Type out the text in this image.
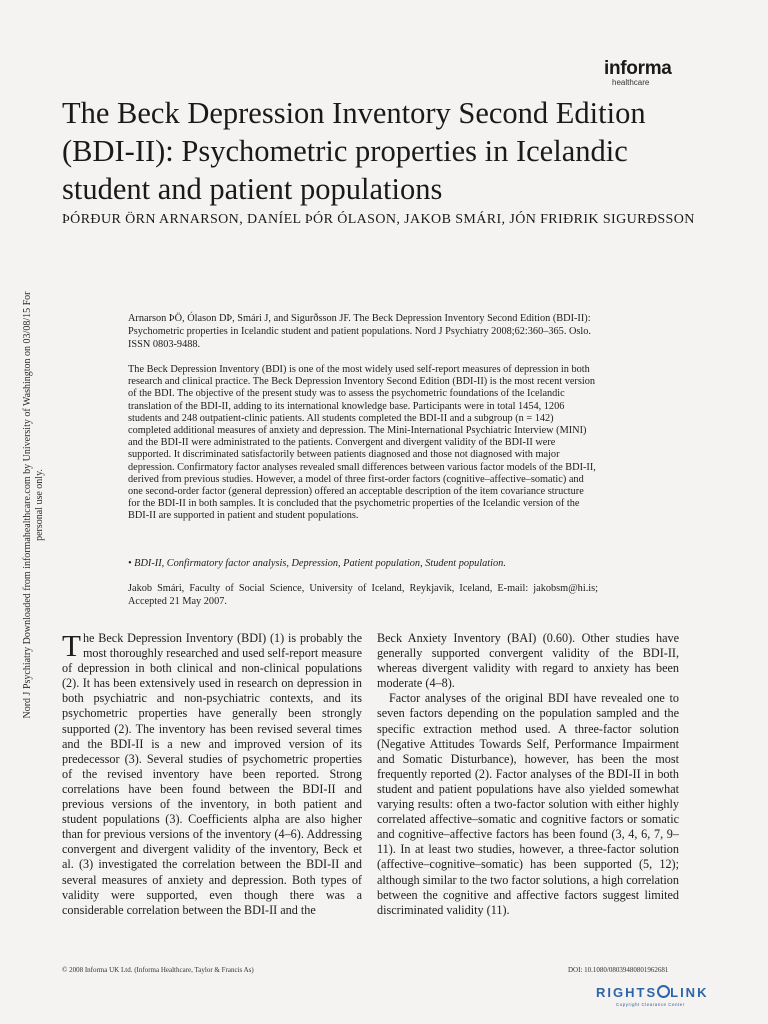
informa
healthcare
Nord J Psychiatry Downloaded from informahealthcare.com by University of Washington on 03/08/15 For personal use only.
The Beck Depression Inventory Second Edition (BDI-II): Psychometric properties in Icelandic student and patient populations
ÞÓRÐUR ÖRN ARNARSON, DANÍEL ÞÓR ÓLASON, JAKOB SMÁRI, JÓN FRIÐRIK SIGURÐSSON

Arnarson ÞÖ, Ólason DÞ, Smári J, and Sigurðsson JF. The Beck Depression Inventory Second Edition (BDI-II): Psychometric properties in Icelandic student and patient populations. Nord J Psychiatry 2008;62:360–365. Oslo. ISSN 0803-9488.

The Beck Depression Inventory (BDI) is one of the most widely used self-report measures of depression in both research and clinical practice. The Beck Depression Inventory Second Edition (BDI-II) is the most recent version of the BDI. The objective of the present study was to assess the psychometric foundations of the Icelandic translation of the BDI-II, adding to its international knowledge base. Participants were in total 1454, 1206 students and 248 outpatient-clinic patients. All students completed the BDI-II and a subgroup (n = 142) completed additional measures of anxiety and depression. The Mini-International Psychiatric Interview (MINI) and the BDI-II were administrated to the patients. Convergent and divergent validity of the BDI-II were supported. It discriminated satisfactorily between patients diagnosed and those not diagnosed with major depression. Confirmatory factor analyses revealed small differences between various factor models of the BDI-II, derived from previous studies. However, a model of three first-order factors (cognitive–affective–somatic) and one second-order factor (general depression) offered an acceptable description of the item covariance structure for the BDI-II in both samples. It is concluded that the psychometric properties of the Icelandic version of the BDI-II are supported in patient and student populations.

• BDI-II, Confirmatory factor analysis, Depression, Patient population, Student population.

Jakob Smári, Faculty of Social Science, University of Iceland, Reykjavik, Iceland, E-mail: jakobsm@hi.is; Accepted 21 May 2007.

The Beck Depression Inventory (BDI) (1) is probably the most thoroughly researched and used self-report measure of depression in both clinical and non-clinical populations (2). It has been extensively used in research on depression in both psychiatric and non-psychiatric contexts, and its psychometric properties have generally been strongly supported (2). The inventory has been revised several times and the BDI-II is a new and improved version of its predecessor (3). Several studies of psychometric properties of the revised inventory have been reported. Strong correlations have been found between the BDI-II and previous versions of the inventory, in both patient and student populations (3). Coefficients alpha are also higher than for previous versions of the inventory (4–6). Addressing convergent and divergent validity of the inventory, Beck et al. (3) investigated the correlation between the BDI-II and several measures of anxiety and depression. Both types of validity were supported, even though there was a considerable correlation between the BDI-II and the

Beck Anxiety Inventory (BAI) (0.60). Other studies have generally supported convergent validity of the BDI-II, whereas divergent validity with regard to anxiety has been moderate (4–8).

Factor analyses of the original BDI have revealed one to seven factors depending on the population sampled and the specific extraction method used. A three-factor solution (Negative Attitudes Towards Self, Performance Impairment and Somatic Disturbance), however, has been the most frequently reported (2). Factor analyses of the BDI-II in both student and patient populations have also yielded somewhat varying results: often a two-factor solution with either highly correlated affective–somatic and cognitive factors or somatic and cognitive–affective factors has been found (3, 4, 6, 7, 9–11). In at least two studies, however, a three-factor solution (affective–cognitive–somatic) has been supported (5, 12); although similar to the two factor solutions, a high correlation between the cognitive and affective factors suggest limited discriminated validity (11).

© 2008 Informa UK Ltd. (Informa Healthcare, Taylor & Francis As)	DOI: 10.1080/08039480801962681
RIGHTS LINK
Copyright Clearance Center
